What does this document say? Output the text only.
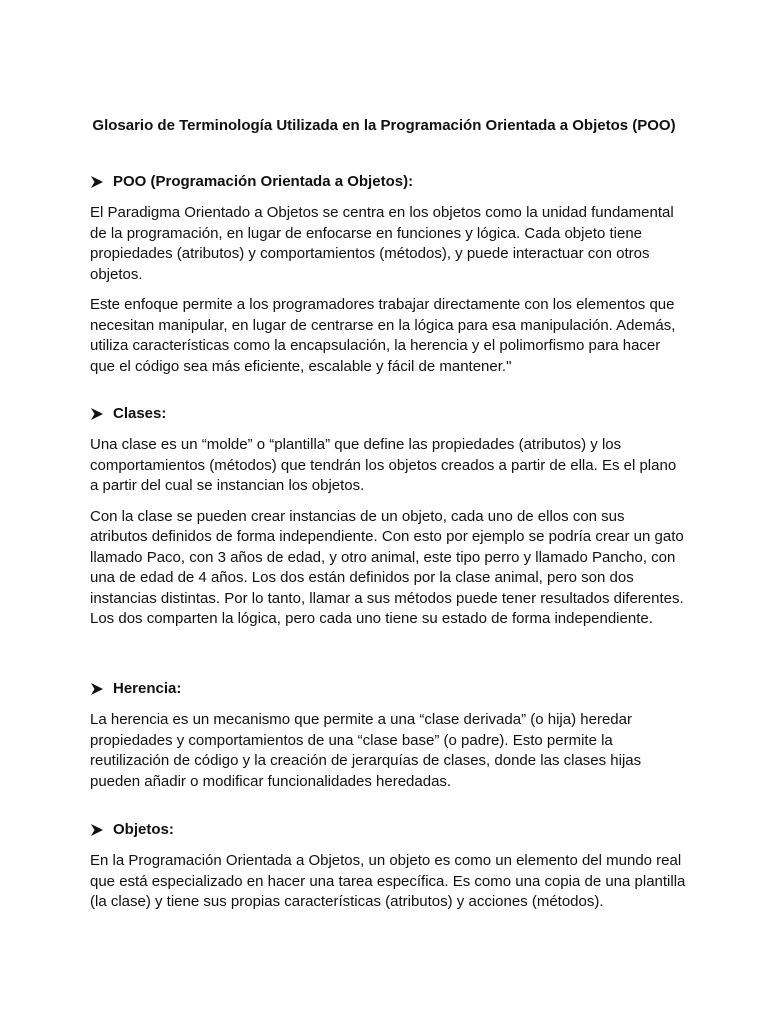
Glosario de Terminología Utilizada en la Programación Orientada a Objetos (POO)
POO (Programación Orientada a Objetos):

El Paradigma Orientado a Objetos se centra en los objetos como la unidad fundamental de la programación, en lugar de enfocarse en funciones y lógica. Cada objeto tiene propiedades (atributos) y comportamientos (métodos), y puede interactuar con otros objetos.

Este enfoque permite a los programadores trabajar directamente con los elementos que necesitan manipular, en lugar de centrarse en la lógica para esa manipulación. Además, utiliza características como la encapsulación, la herencia y el polimorfismo para hacer que el código sea más eficiente, escalable y fácil de mantener."

Clases:

Una clase es un “molde” o “plantilla” que define las propiedades (atributos) y los comportamientos (métodos) que tendrán los objetos creados a partir de ella. Es el plano a partir del cual se instancian los objetos.

Con la clase se pueden crear instancias de un objeto, cada uno de ellos con sus atributos definidos de forma independiente. Con esto por ejemplo se podría crear un gato llamado Paco, con 3 años de edad, y otro animal, este tipo perro y llamado Pancho, con una de edad de 4 años. Los dos están definidos por la clase animal, pero son dos instancias distintas. Por lo tanto, llamar a sus métodos puede tener resultados diferentes. Los dos comparten la lógica, pero cada uno tiene su estado de forma independiente.

Herencia:

La herencia es un mecanismo que permite a una “clase derivada” (o hija) heredar propiedades y comportamientos de una “clase base” (o padre). Esto permite la reutilización de código y la creación de jerarquías de clases, donde las clases hijas pueden añadir o modificar funcionalidades heredadas.

Objetos:

En la Programación Orientada a Objetos, un objeto es como un elemento del mundo real que está especializado en hacer una tarea específica. Es como una copia de una plantilla (la clase) y tiene sus propias características (atributos) y acciones (métodos).
